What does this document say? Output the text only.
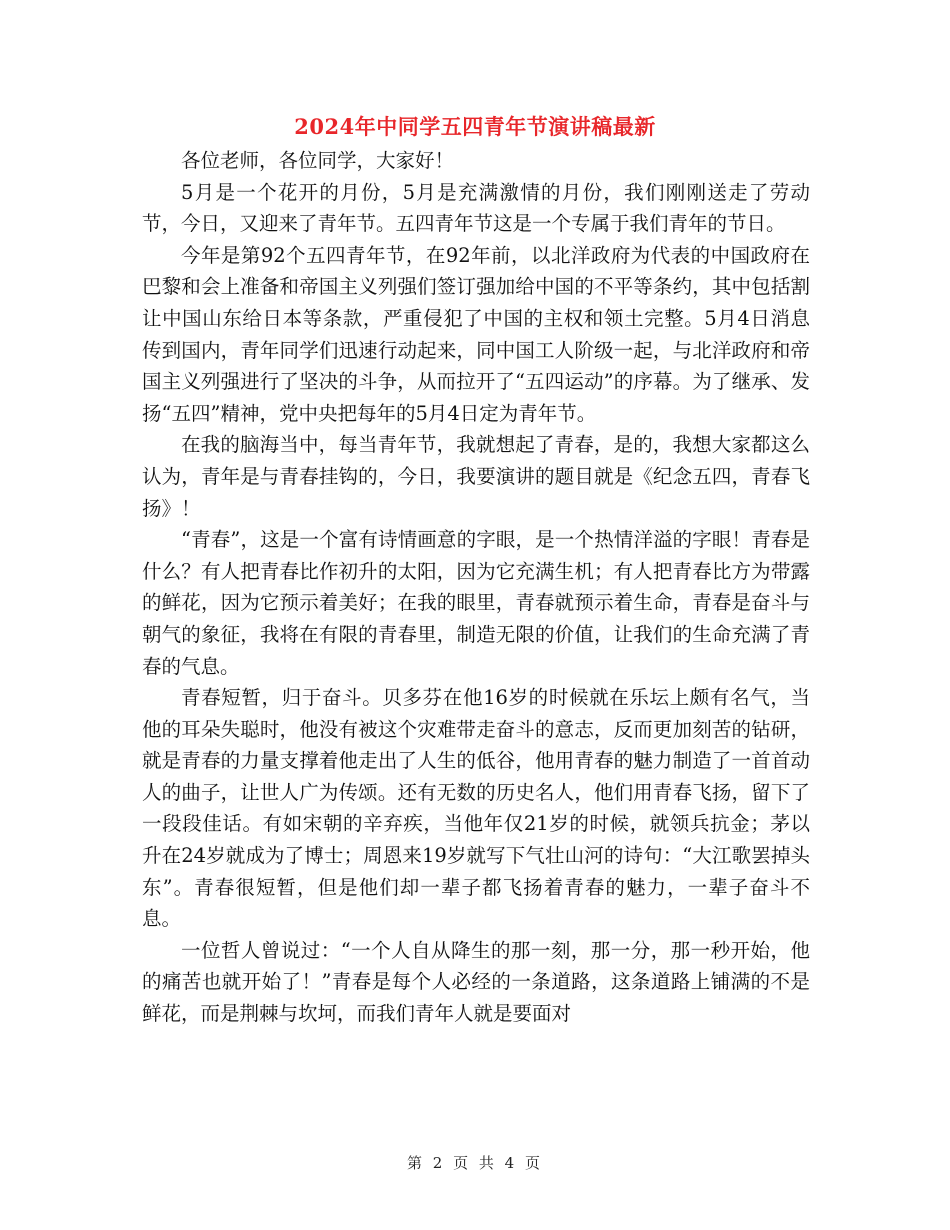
2024年中同学五四青年节演讲稿最新

各位老师，各位同学，大家好！

5月是一个花开的月份，5月是充满激情的月份，我们刚刚送走了劳动节，今日，又迎来了青年节。五四青年节这是一个专属于我们青年的节日。

今年是第92个五四青年节，在92年前，以北洋政府为代表的中国政府在巴黎和会上准备和帝国主义列强们签订强加给中国的不平等条约，其中包括割让中国山东给日本等条款，严重侵犯了中国的主权和领土完整。5月4日消息传到国内，青年同学们迅速行动起来，同中国工人阶级一起，与北洋政府和帝国主义列强进行了坚决的斗争，从而拉开了“五四运动”的序幕。为了继承、发扬“五四”精神，党中央把每年的5月4日定为青年节。

在我的脑海当中，每当青年节，我就想起了青春，是的，我想大家都这么认为，青年是与青春挂钩的，今日，我要演讲的题目就是《纪念五四，青春飞扬》！

“青春”，这是一个富有诗情画意的字眼，是一个热情洋溢的字眼！青春是什么？有人把青春比作初升的太阳，因为它充满生机；有人把青春比方为带露的鲜花，因为它预示着美好；在我的眼里，青春就预示着生命，青春是奋斗与朝气的象征，我将在有限的青春里，制造无限的价值，让我们的生命充满了青春的气息。

青春短暂，归于奋斗。贝多芬在他16岁的时候就在乐坛上颇有名气，当他的耳朵失聪时，他没有被这个灾难带走奋斗的意志，反而更加刻苦的钻研，就是青春的力量支撑着他走出了人生的低谷，他用青春的魅力制造了一首首动人的曲子，让世人广为传颂。还有无数的历史名人，他们用青春飞扬，留下了一段段佳话。有如宋朝的辛弃疾，当他年仅21岁的时候，就领兵抗金；茅以升在24岁就成为了博士；周恩来19岁就写下气壮山河的诗句：“大江歌罢掉头东”。青春很短暂，但是他们却一辈子都飞扬着青春的魅力，一辈子奋斗不息。

一位哲人曾说过：“一个人自从降生的那一刻，那一分，那一秒开始，他的痛苦也就开始了！”青春是每个人必经的一条道路，这条道路上铺满的不是鲜花，而是荆棘与坎坷，而我们青年人就是要面对

第 2 页 共 4 页
